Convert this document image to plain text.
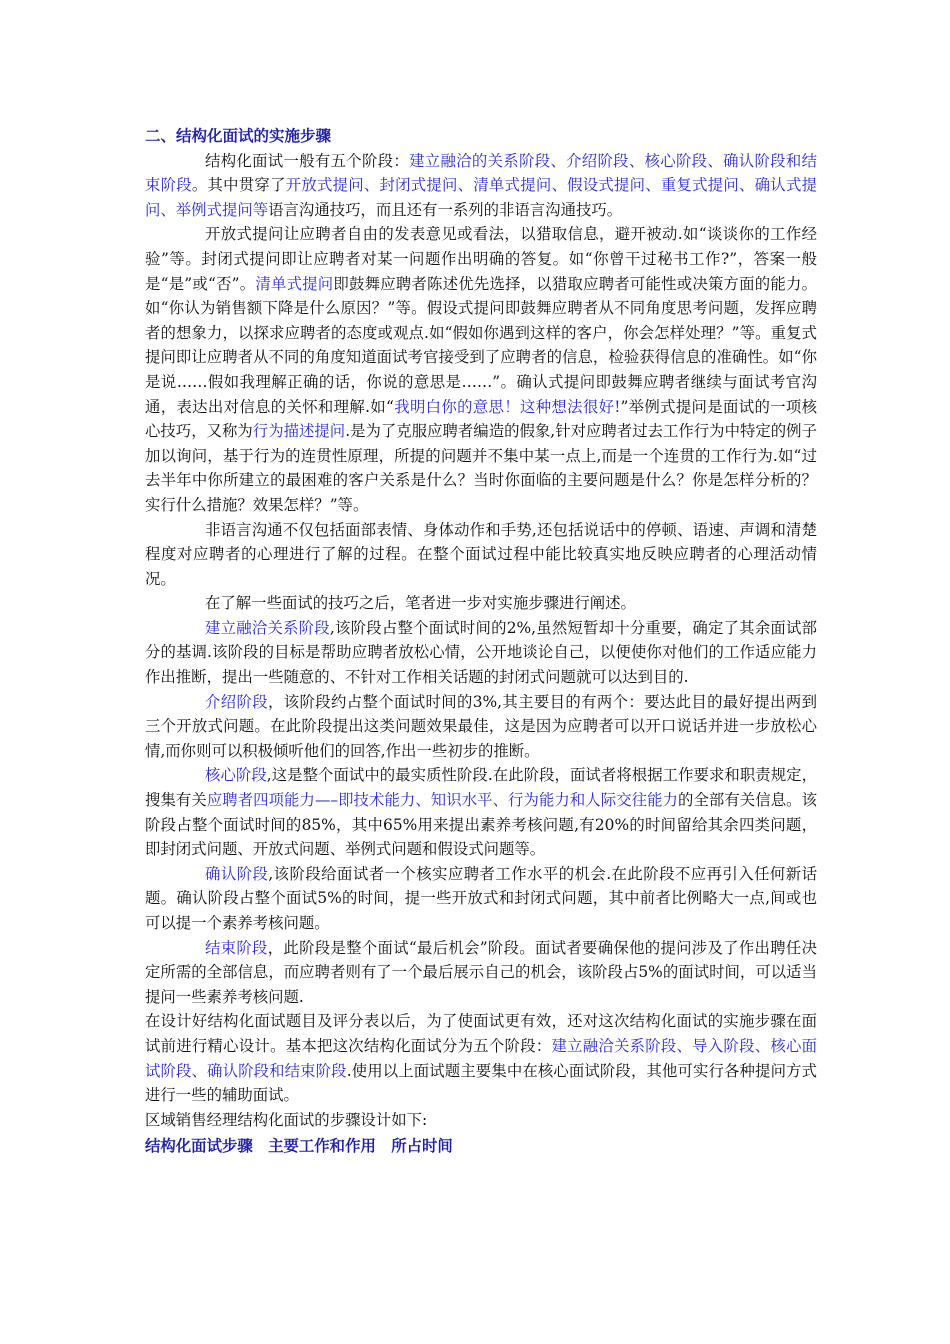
二、结构化面试的实施步骤

结构化面试一般有五个阶段：建立融洽的关系阶段、介绍阶段、核心阶段、确认阶段和结束阶段。其中贯穿了开放式提问、封闭式提问、清单式提问、假设式提问、重复式提问、确认式提问、举例式提问等语言沟通技巧，而且还有一系列的非语言沟通技巧。

开放式提问让应聘者自由的发表意见或看法，以猎取信息，避开被动.如“谈谈你的工作经验”等。封闭式提问即让应聘者对某一问题作出明确的答复。如“你曾干过秘书工作?”，答案一般是“是”或“否”。清单式提问即鼓舞应聘者陈述优先选择，以猎取应聘者可能性或决策方面的能力。如“你认为销售额下降是什么原因？”等。假设式提问即鼓舞应聘者从不同角度思考问题，发挥应聘者的想象力，以探求应聘者的态度或观点.如“假如你遇到这样的客户，你会怎样处理？”等。重复式提问即让应聘者从不同的角度知道面试考官接受到了应聘者的信息，检验获得信息的准确性。如“你是说……假如我理解正确的话，你说的意思是……”。确认式提问即鼓舞应聘者继续与面试考官沟通，表达出对信息的关怀和理解.如“我明白你的意思！这种想法很好!”举例式提问是面试的一项核心技巧，又称为行为描述提问.是为了克服应聘者编造的假象,针对应聘者过去工作行为中特定的例子加以询问，基于行为的连贯性原理，所提的问题并不集中某一点上,而是一个连贯的工作行为.如“过去半年中你所建立的最困难的客户关系是什么？当时你面临的主要问题是什么？你是怎样分析的？实行什么措施？效果怎样？”等。

非语言沟通不仅包括面部表情、身体动作和手势,还包括说话中的停顿、语速、声调和清楚程度对应聘者的心理进行了解的过程。在整个面试过程中能比较真实地反映应聘者的心理活动情况。

在了解一些面试的技巧之后，笔者进一步对实施步骤进行阐述。

建立融洽关系阶段,该阶段占整个面试时间的2%,虽然短暂却十分重要，确定了其余面试部分的基调.该阶段的目标是帮助应聘者放松心情，公开地谈论自己，以便使你对他们的工作适应能力作出推断，提出一些随意的、不针对工作相关话题的封闭式问题就可以达到目的.

介绍阶段，该阶段约占整个面试时间的3%,其主要目的有两个：要达此目的最好提出两到三个开放式问题。在此阶段提出这类问题效果最佳，这是因为应聘者可以开口说话并进一步放松心情,而你则可以积极倾听他们的回答,作出一些初步的推断。

核心阶段,这是整个面试中的最实质性阶段.在此阶段，面试者将根据工作要求和职责规定，搜集有关应聘者四项能力—–即技术能力、知识水平、行为能力和人际交往能力的全部有关信息。该阶段占整个面试时间的85%，其中65%用来提出素养考核问题,有20%的时间留给其余四类问题，即封闭式问题、开放式问题、举例式问题和假设式问题等。

确认阶段,该阶段给面试者一个核实应聘者工作水平的机会.在此阶段不应再引入任何新话题。确认阶段占整个面试5%的时间，提一些开放式和封闭式问题，其中前者比例略大一点,间或也可以提一个素养考核问题。

结束阶段，此阶段是整个面试“最后机会”阶段。面试者要确保他的提问涉及了作出聘任决定所需的全部信息，而应聘者则有了一个最后展示自己的机会，该阶段占5%的面试时间，可以适当提问一些素养考核问题.

在设计好结构化面试题目及评分表以后，为了使面试更有效，还对这次结构化面试的实施步骤在面试前进行精心设计。基本把这次结构化面试分为五个阶段：建立融洽关系阶段、导入阶段、核心面试阶段、确认阶段和结束阶段.使用以上面试题主要集中在核心面试阶段，其他可实行各种提问方式进行一些的辅助面试。

区域销售经理结构化面试的步骤设计如下:

结构化面试步骤 主要工作和作用 所占时间
